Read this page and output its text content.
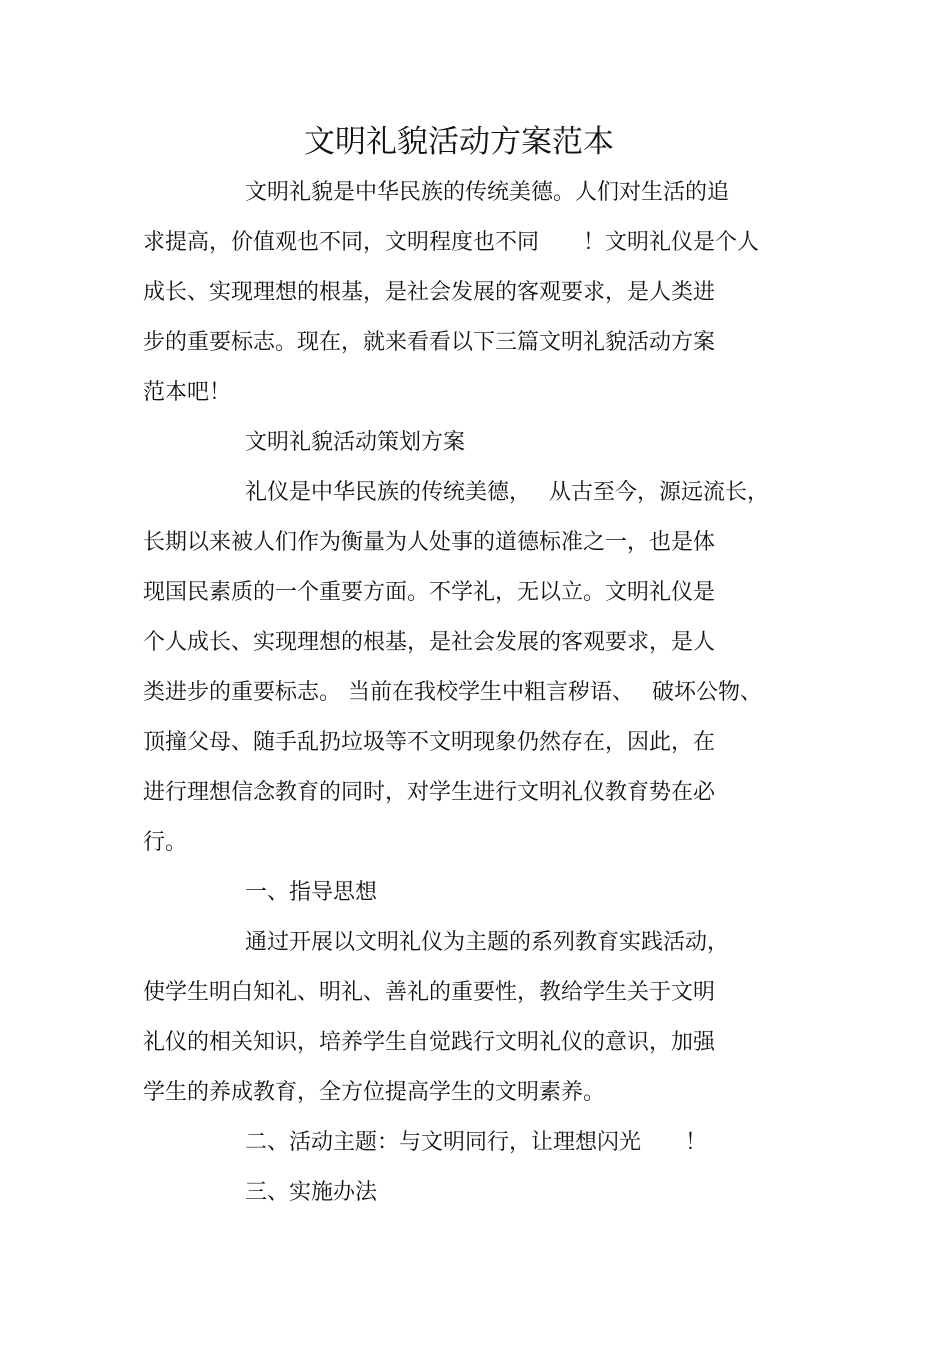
文明礼貌活动方案范本
文明礼貌是中华民族的传统美德。人们对生活的追
求提高，价值观也不同，文明程度也不同　　！文明礼仪是个人
成长、实现理想的根基，是社会发展的客观要求，是人类进
步的重要标志。现在，就来看看以下三篇文明礼貌活动方案
范本吧！
文明礼貌活动策划方案
礼仪是中华民族的传统美德，　 从古至今，源远流长，
长期以来被人们作为衡量为人处事的道德标准之一，也是体
现国民素质的一个重要方面。不学礼，无以立。文明礼仪是
个人成长、实现理想的根基，是社会发展的客观要求，是人
类进步的重要标志。 当前在我校学生中粗言秽语、　 破坏公物、
顶撞父母、随手乱扔垃圾等不文明现象仍然存在，因此，在
进行理想信念教育的同时，对学生进行文明礼仪教育势在必
行。
一、指导思想
通过开展以文明礼仪为主题的系列教育实践活动，
使学生明白知礼、明礼、善礼的重要性，教给学生关于文明
礼仪的相关知识，培养学生自觉践行文明礼仪的意识，加强
学生的养成教育，全方位提高学生的文明素养。
二、活动主题：与文明同行，让理想闪光　　！
三、实施办法
